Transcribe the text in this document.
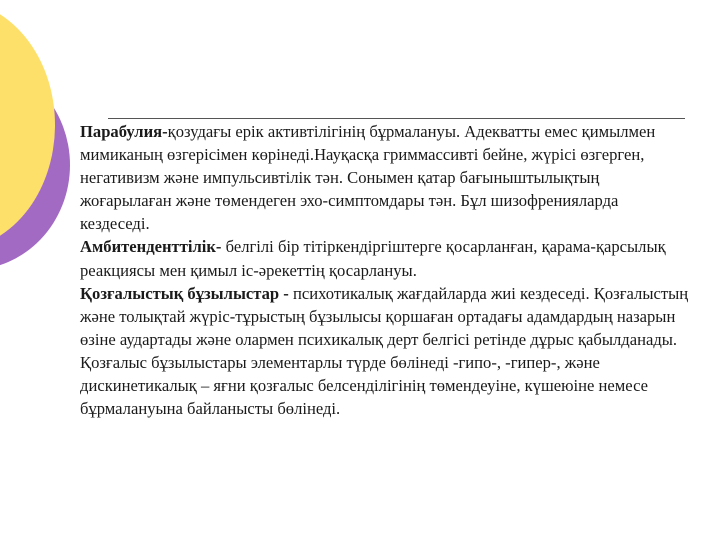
Парабулия-қозудағы ерік активтілігінің бұрмалануы. Адекватты емес қимылмен мимиканың өзгерісімен көрінеді.Науқасқа гриммассивті бейне, жүрісі өзгерген, негативизм және импульсивтілік тән. Сонымен қатар бағыныштылықтың жоғарылаған және төмендеген эхо-симптомдары тән. Бұл шизофренияларда кездеседі.

Амбитенденттілік- белгілі бір тітіркендіргіштерге қосарланған, қарама-қарсылық реакциясы мен қимыл іс-әрекеттің қосарлануы.

Қозғалыстық бұзылыстар - психотикалық жағдайларда жиі кездеседі. Қозғалыстың және толықтай жүріс-тұрыстың бұзылысы қоршаған ортадағы адамдардың назарын өзіне аудартады және олармен психикалық дерт белгісі ретінде дұрыс қабылданады.

Қозғалыс бұзылыстары элементарлы түрде бөлінеді -гипо-, -гипер-, және дискинетикалық – яғни қозғалыс белсенділігінің төмендеуіне, күшеюіне немесе бұрмалануына байланысты бөлінеді.
